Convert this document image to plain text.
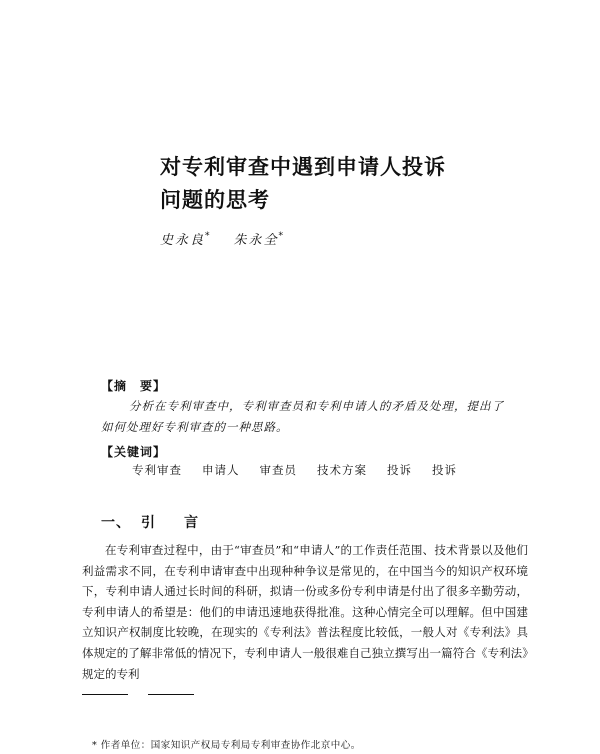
对专利审查中遇到申请人投诉
问题的思考
史永良* 朱永全*
【摘　要】
分析在专利审查中，专利审查员和专利申请人的矛盾及处理，提出了如何处理好专利审查的一种思路。
【关键词】
专利审查 申请人 审查员 技术方案 投诉 投诉
一、 引 言

在专利审查过程中，由于“审查员”和“申请人”的工作责任范围、技术背景以及他们利益需求不同，在专利申请审查中出现种种争议是常见的，在中国当今的知识产权环境下，专利申请人通过长时间的科研，拟请一份或多份专利申请是付出了很多辛勤劳动，专利申请人的希望是：他们的申请迅速地获得批准。这种心情完全可以理解。但中国建立知识产权制度比较晚，在现实的《专利法》普法程度比较低，一般人对《专利法》具体规定的了解非常低的情况下，专利申请人一般很难自己独立撰写出一篇符合《专利法》规定的专利

* 作者单位：国家知识产权局专利局专利审查协作北京中心。
